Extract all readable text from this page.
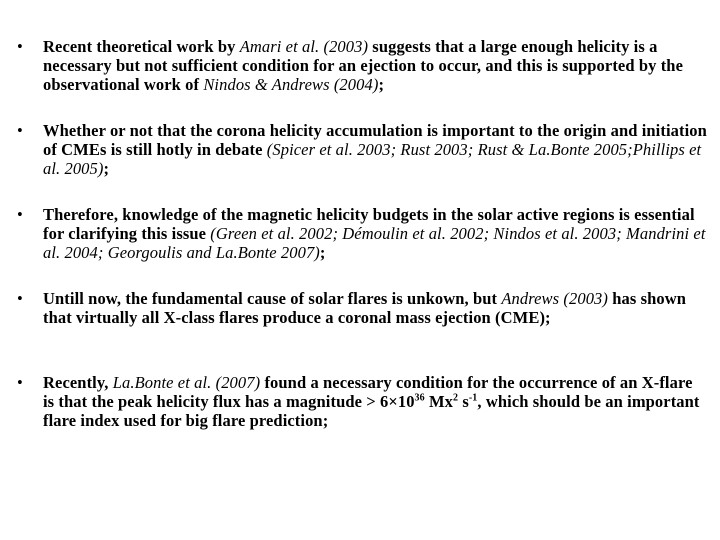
• Recent theoretical work by Amari et al. (2003) suggests that a large enough helicity is a necessary but not sufficient condition for an ejection to occur, and this is supported by the observational work of Nindos & Andrews (2004);
• Whether or not that the corona helicity accumulation is important to the origin and initiation of CMEs is still hotly in debate (Spicer et al. 2003; Rust 2003; Rust & La.Bonte 2005;Phillips et al. 2005);
• Therefore, knowledge of the magnetic helicity budgets in the solar active regions is essential for clarifying this issue (Green et al. 2002; Démoulin et al. 2002; Nindos et al. 2003; Mandrini et al. 2004; Georgoulis and La.Bonte 2007);
• Untill now, the fundamental cause of solar flares is unkown, but Andrews (2003) has shown that virtually all X-class flares produce a coronal mass ejection (CME);
• Recently, La.Bonte et al. (2007) found a necessary condition for the occurrence of an X-flare is that the peak helicity flux has a magnitude > $6\times 10^{36}$ Mx$^2$ $s^{-1}$, which should be an important flare index used for big flare prediction;
